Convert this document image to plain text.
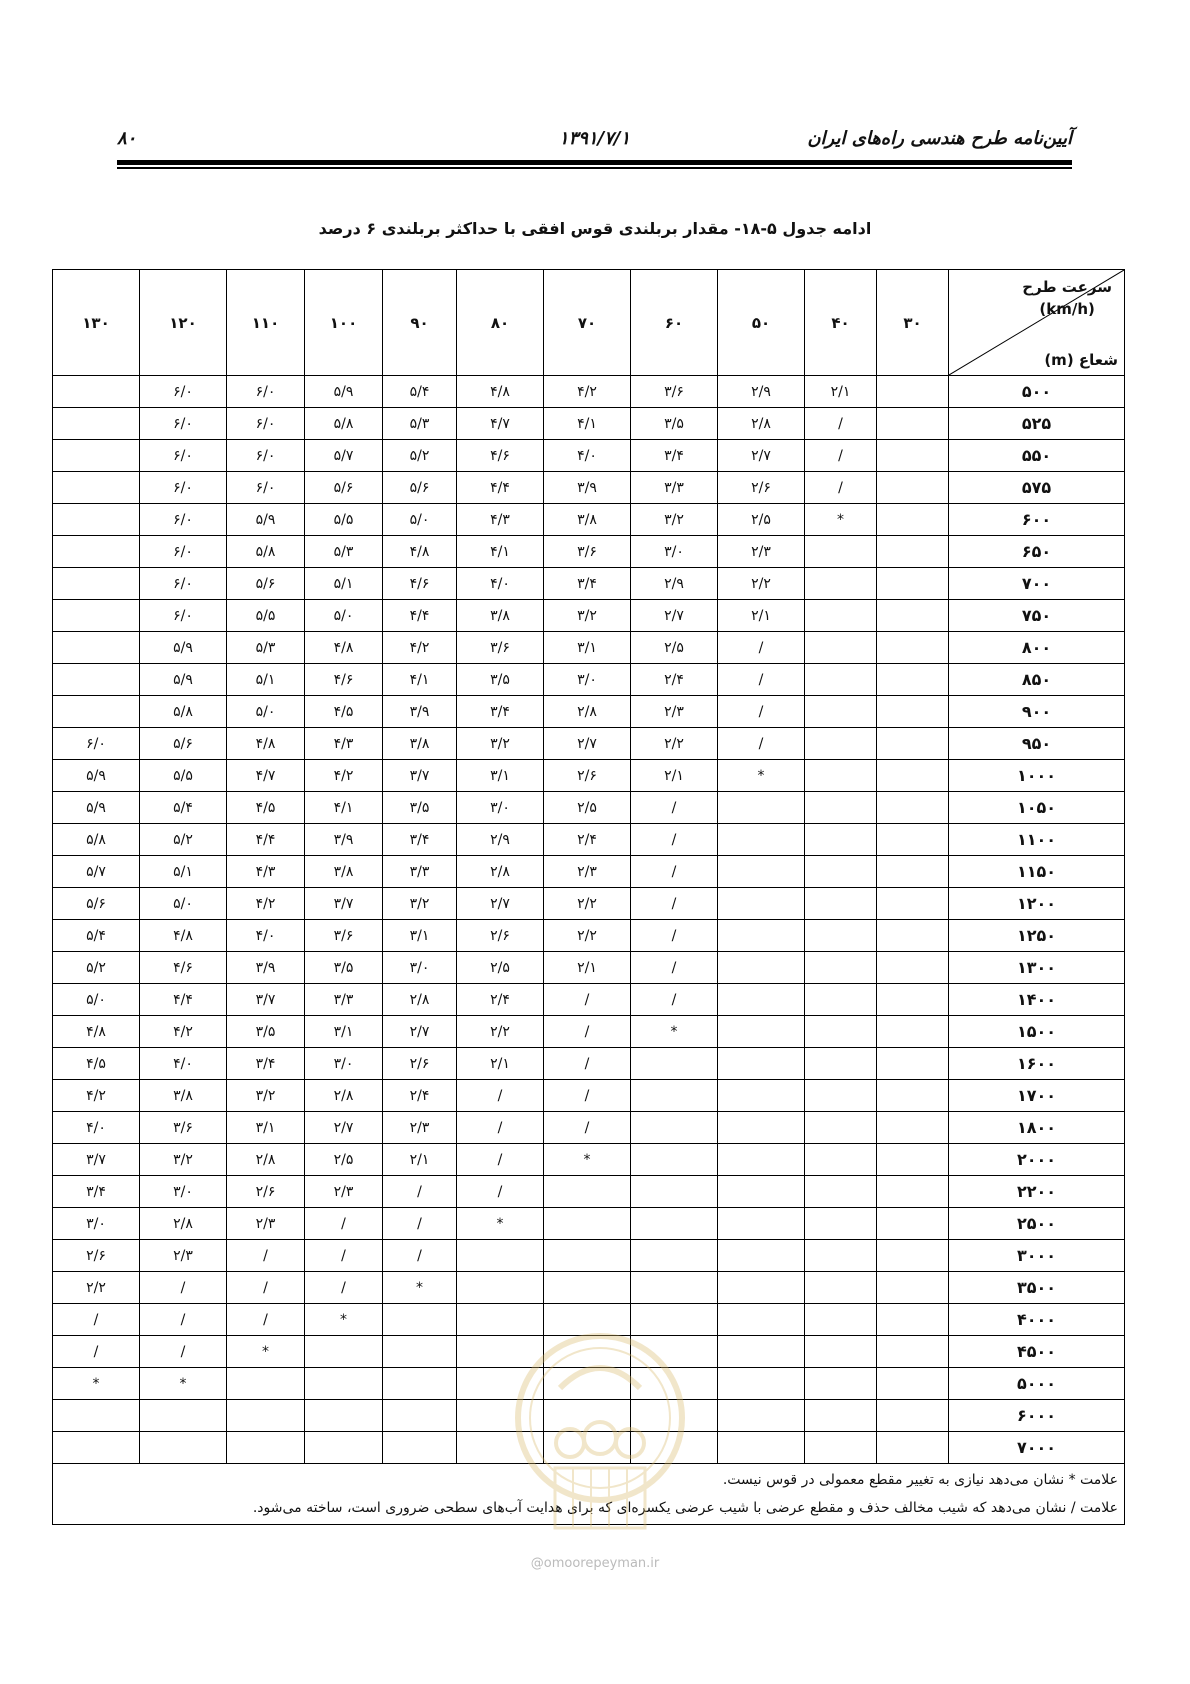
آیین‌نامه طرح هندسی راه‌های ایران
۱۳۹۱/۷/۱
۸۰
ادامه جدول ۵-۱۸- مقدار بربلندی قوس افقی با حداکثر بربلندی ۶ درصد
سرعت طرح
(km/h)
شعاع (m)	۳۰	۴۰	۵۰	۶۰	۷۰	۸۰	۹۰	۱۰۰	۱۱۰	۱۲۰	۱۳۰
۵۰۰		۲/۱	۲/۹	۳/۶	۴/۲	۴/۸	۵/۴	۵/۹	۶/۰	۶/۰	
۵۲۵		/	۲/۸	۳/۵	۴/۱	۴/۷	۵/۳	۵/۸	۶/۰	۶/۰	
۵۵۰		/	۲/۷	۳/۴	۴/۰	۴/۶	۵/۲	۵/۷	۶/۰	۶/۰	
۵۷۵		/	۲/۶	۳/۳	۳/۹	۴/۴	۵/۶	۵/۶	۶/۰	۶/۰	
۶۰۰		*	۲/۵	۳/۲	۳/۸	۴/۳	۵/۰	۵/۵	۵/۹	۶/۰	
۶۵۰			۲/۳	۳/۰	۳/۶	۴/۱	۴/۸	۵/۳	۵/۸	۶/۰	
۷۰۰			۲/۲	۲/۹	۳/۴	۴/۰	۴/۶	۵/۱	۵/۶	۶/۰	
۷۵۰			۲/۱	۲/۷	۳/۲	۳/۸	۴/۴	۵/۰	۵/۵	۶/۰	
۸۰۰			/	۲/۵	۳/۱	۳/۶	۴/۲	۴/۸	۵/۳	۵/۹	
۸۵۰			/	۲/۴	۳/۰	۳/۵	۴/۱	۴/۶	۵/۱	۵/۹	
۹۰۰			/	۲/۳	۲/۸	۳/۴	۳/۹	۴/۵	۵/۰	۵/۸	
۹۵۰			/	۲/۲	۲/۷	۳/۲	۳/۸	۴/۳	۴/۸	۵/۶	۶/۰
۱۰۰۰			*	۲/۱	۲/۶	۳/۱	۳/۷	۴/۲	۴/۷	۵/۵	۵/۹
۱۰۵۰				/	۲/۵	۳/۰	۳/۵	۴/۱	۴/۵	۵/۴	۵/۹
۱۱۰۰				/	۲/۴	۲/۹	۳/۴	۳/۹	۴/۴	۵/۲	۵/۸
۱۱۵۰				/	۲/۳	۲/۸	۳/۳	۳/۸	۴/۳	۵/۱	۵/۷
۱۲۰۰				/	۲/۲	۲/۷	۳/۲	۳/۷	۴/۲	۵/۰	۵/۶
۱۲۵۰				/	۲/۲	۲/۶	۳/۱	۳/۶	۴/۰	۴/۸	۵/۴
۱۳۰۰				/	۲/۱	۲/۵	۳/۰	۳/۵	۳/۹	۴/۶	۵/۲
۱۴۰۰				/	/	۲/۴	۲/۸	۳/۳	۳/۷	۴/۴	۵/۰
۱۵۰۰				*	/	۲/۲	۲/۷	۳/۱	۳/۵	۴/۲	۴/۸
۱۶۰۰					/	۲/۱	۲/۶	۳/۰	۳/۴	۴/۰	۴/۵
۱۷۰۰					/	/	۲/۴	۲/۸	۳/۲	۳/۸	۴/۲
۱۸۰۰					/	/	۲/۳	۲/۷	۳/۱	۳/۶	۴/۰
۲۰۰۰					*	/	۲/۱	۲/۵	۲/۸	۳/۲	۳/۷
۲۲۰۰						/	/	۲/۳	۲/۶	۳/۰	۳/۴
۲۵۰۰						*	/	/	۲/۳	۲/۸	۳/۰
۳۰۰۰							/	/	/	۲/۳	۲/۶
۳۵۰۰							*	/	/	/	۲/۲
۴۰۰۰								*	/	/	/
۴۵۰۰									*	/	/
۵۰۰۰										*	*
۶۰۰۰											
۷۰۰۰											

علامت * نشان می‌دهد نیازی به تغییر مقطع معمولی در قوس نیست.
علامت / نشان می‌دهد که شیب مخالف حذف و مقطع عرضی با شیب عرضی یکسره‌ای که برای هدایت آب‌های سطحی ضروری است، ساخته می‌شود.											
@omoorepeyman.ir
